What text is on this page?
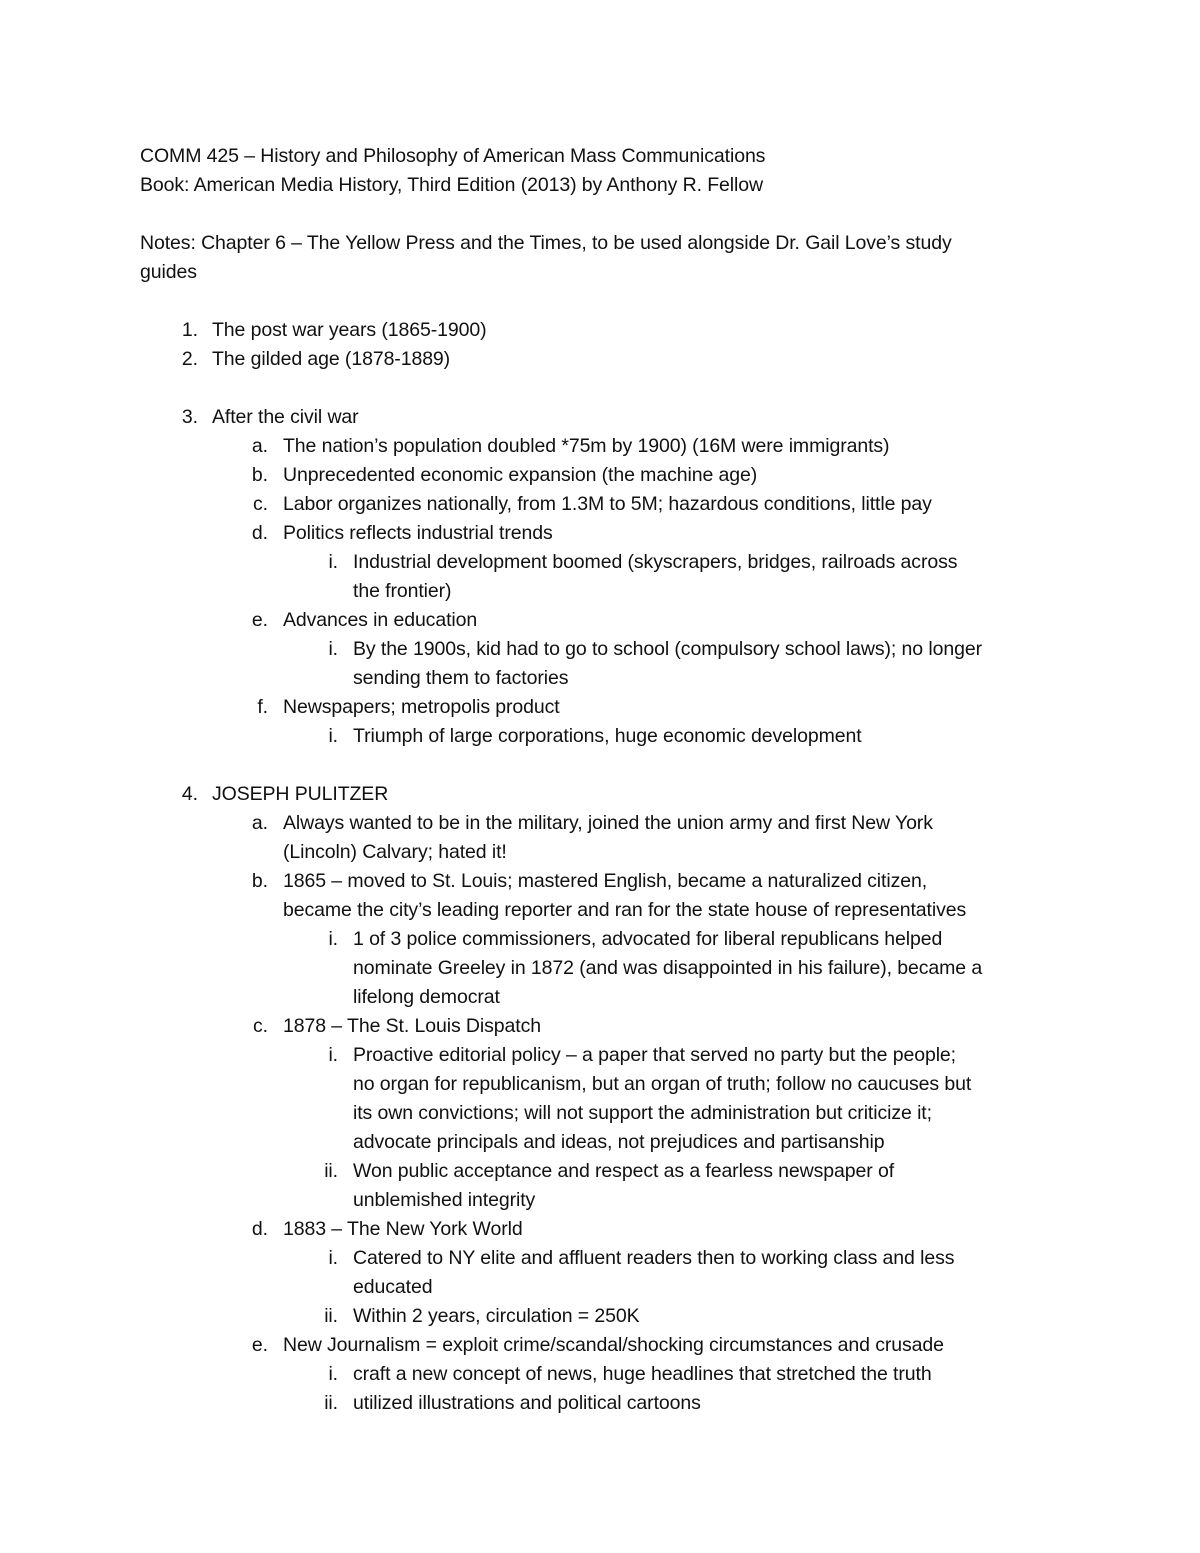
COMM 425 – History and Philosophy of American Mass Communications
Book: American Media History, Third Edition (2013) by Anthony R. Fellow
Notes: Chapter 6 – The Yellow Press and the Times, to be used alongside Dr. Gail Love’s study
guides
1. The post war years (1865-1900)
2. The gilded age (1878-1889)
3. After the civil war
a. The nation’s population doubled *75m by 1900) (16M were immigrants)
b. Unprecedented economic expansion (the machine age)
c. Labor organizes nationally, from 1.3M to 5M; hazardous conditions, little pay
d. Politics reflects industrial trends
i. Industrial development boomed (skyscrapers, bridges, railroads across
the frontier)
e. Advances in education
i. By the 1900s, kid had to go to school (compulsory school laws); no longer
sending them to factories
f. Newspapers; metropolis product
i. Triumph of large corporations, huge economic development
4. JOSEPH PULITZER
a. Always wanted to be in the military, joined the union army and first New York
(Lincoln) Calvary; hated it!
b. 1865 – moved to St. Louis; mastered English, became a naturalized citizen,
became the city’s leading reporter and ran for the state house of representatives
i. 1 of 3 police commissioners, advocated for liberal republicans helped
nominate Greeley in 1872 (and was disappointed in his failure), became a
lifelong democrat
c. 1878 – The St. Louis Dispatch
i. Proactive editorial policy – a paper that served no party but the people;
no organ for republicanism, but an organ of truth; follow no caucuses but
its own convictions; will not support the administration but criticize it;
advocate principals and ideas, not prejudices and partisanship
ii. Won public acceptance and respect as a fearless newspaper of
unblemished integrity
d. 1883 – The New York World
i. Catered to NY elite and affluent readers then to working class and less
educated
ii. Within 2 years, circulation = 250K
e. New Journalism = exploit crime/scandal/shocking circumstances and crusade
i. craft a new concept of news, huge headlines that stretched the truth
ii. utilized illustrations and political cartoons
